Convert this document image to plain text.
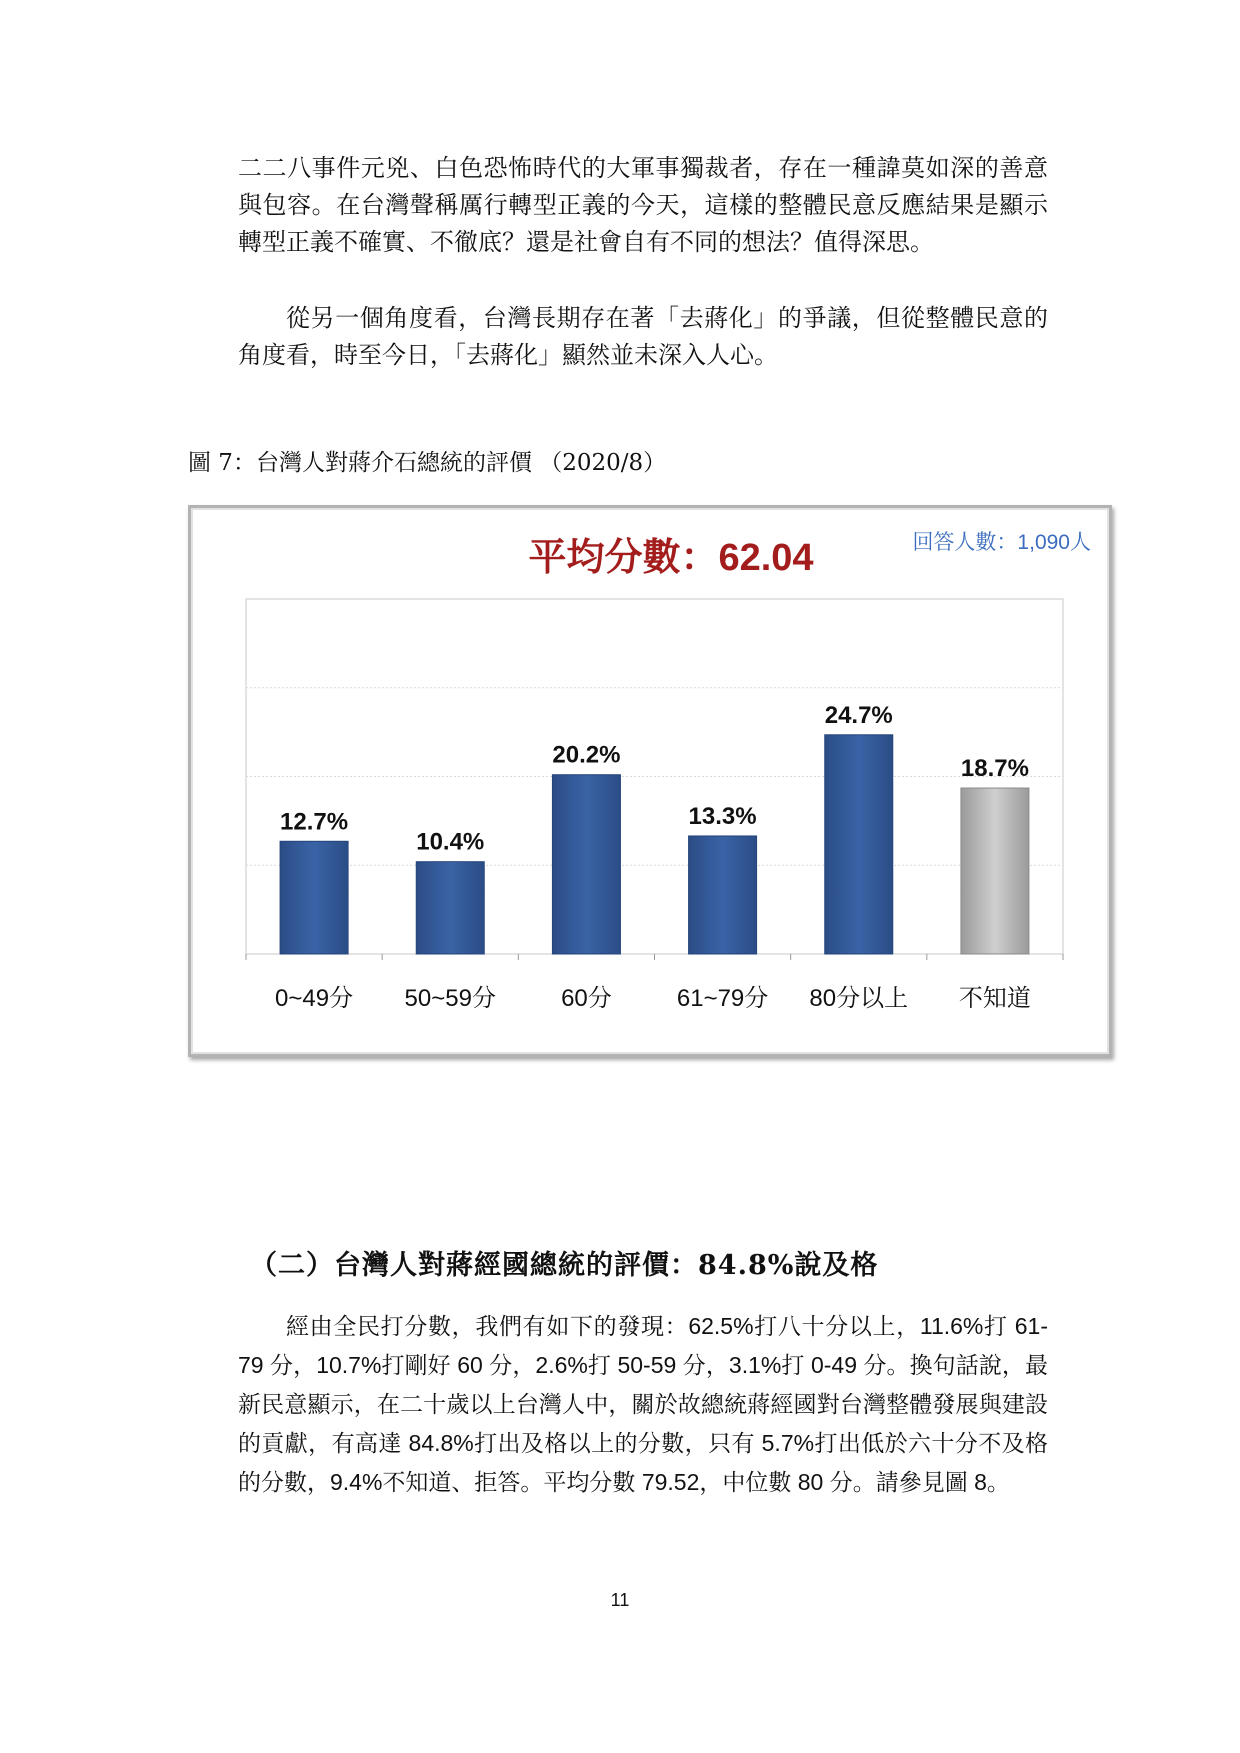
二二八事件元兇、白色恐怖時代的大軍事獨裁者，存在一種諱莫如深的善意與包容。在台灣聲稱厲行轉型正義的今天，這樣的整體民意反應結果是顯示轉型正義不確實、不徹底？還是社會自有不同的想法？值得深思。

從另一個角度看，台灣長期存在著「去蔣化」的爭議，但從整體民意的角度看，時至今日，「去蔣化」顯然並未深入人心。

圖 7：台灣人對蔣介石總統的評價 （2020/8）
平均分數：62.04	回答人數：1,090人
12.7%
10.4%
20.2%
13.3%
24.7%
18.7%
0~49分 50~59分	60分	61~79分 80分以上 不知道
（二）台灣人對蔣經國總統的評價：84.8%說及格

經由全民打分數，我們有如下的發現：62.5%打八十分以上，11.6%打 61-79 分，10.7%打剛好 60 分，2.6%打 50-59 分，3.1%打 0-49 分。換句話說，最新民意顯示，在二十歲以上台灣人中，關於故總統蔣經國對台灣整體發展與建設的貢獻，有高達 84.8%打出及格以上的分數，只有 5.7%打出低於六十分不及格的分數，9.4%不知道、拒答。平均分數 79.52，中位數 80 分。請參見圖 8。

11
